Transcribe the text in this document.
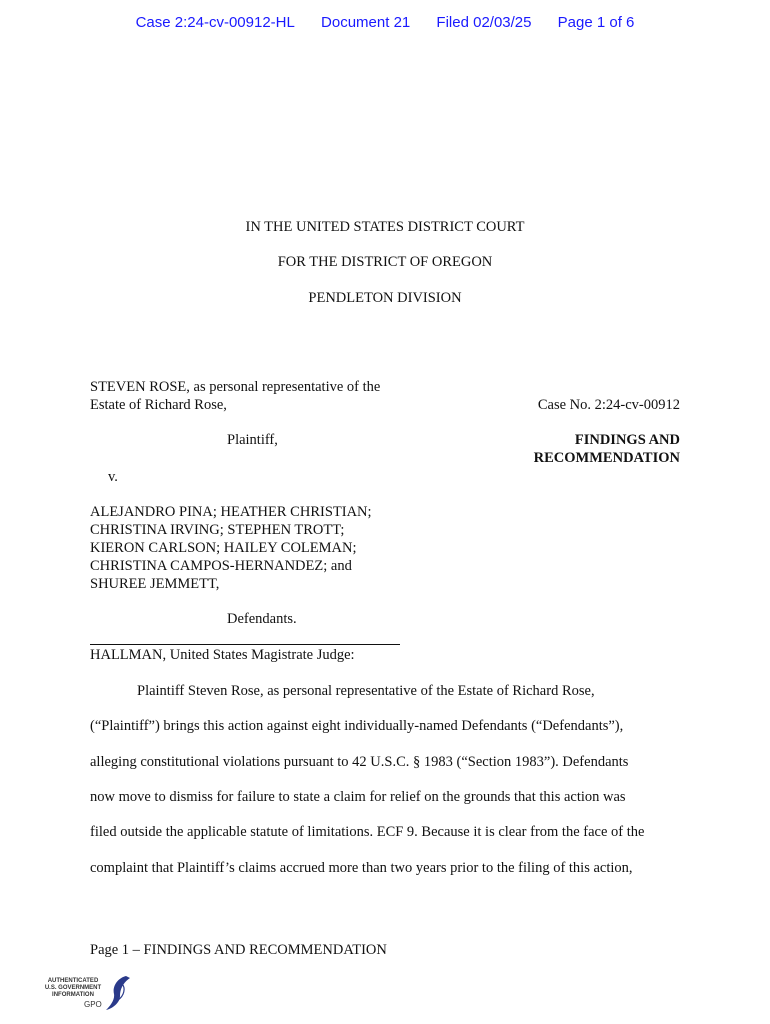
Case 2:24-cv-00912-HL Document 21 Filed 02/03/25 Page 1 of 6
IN THE UNITED STATES DISTRICT COURT
FOR THE DISTRICT OF OREGON
PENDLETON DIVISION
STEVEN ROSE, as personal representative of the
Estate of Richard Rose,
Plaintiff,
v.
ALEJANDRO PINA; HEATHER CHRISTIAN;
CHRISTINA IRVING; STEPHEN TROTT;
KIERON CARLSON; HAILEY COLEMAN;
CHRISTINA CAMPOS-HERNANDEZ; and
SHUREE JEMMETT,
Defendants.
Case No. 2:24-cv-00912
FINDINGS AND
RECOMMENDATION
HALLMAN, United States Magistrate Judge:
Plaintiff Steven Rose, as personal representative of the Estate of Richard Rose,
(“Plaintiff”) brings this action against eight individually-named Defendants (“Defendants”),
alleging constitutional violations pursuant to 42 U.S.C. § 1983 (“Section 1983”). Defendants
now move to dismiss for failure to state a claim for relief on the grounds that this action was
filed outside the applicable statute of limitations. ECF 9. Because it is clear from the face of the
complaint that Plaintiff’s claims accrued more than two years prior to the filing of this action,
Page 1 – FINDINGS AND RECOMMENDATION
AUTHENTICATED
U.S. GOVERNMENT
INFORMATION
GPO
